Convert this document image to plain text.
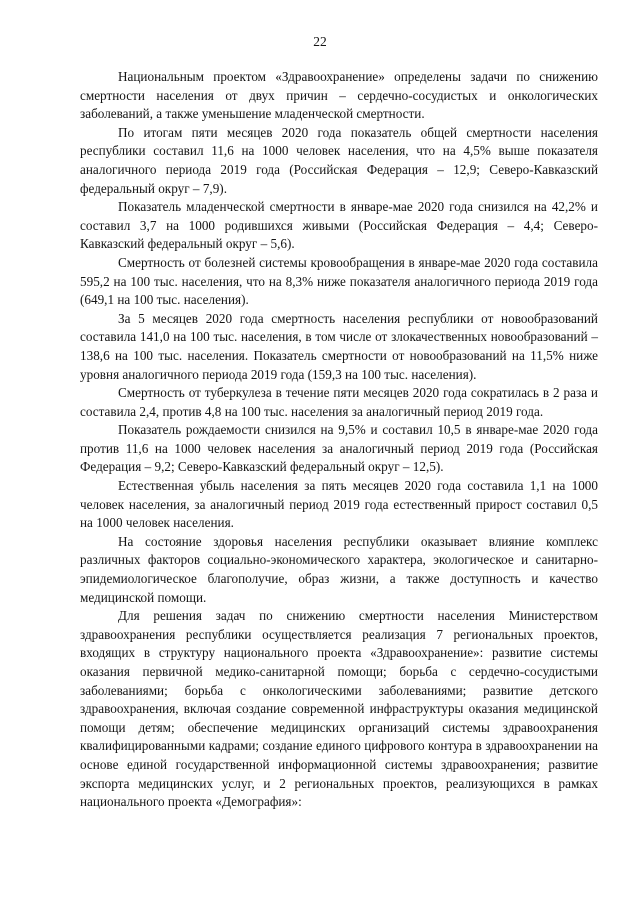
22

Национальным проектом «Здравоохранение» определены задачи по снижению смертности населения от двух причин – сердечно-сосудистых и онкологических заболеваний, а также уменьшение младенческой смертности.

По итогам пяти месяцев 2020 года показатель общей смертности населения республики составил 11,6 на 1000 человек населения, что на 4,5% выше показателя аналогичного периода 2019 года (Российская Федерация – 12,9; Северо-Кавказский федеральный округ – 7,9).

Показатель младенческой смертности в январе-мае 2020 года снизился на 42,2% и составил 3,7 на 1000 родившихся живыми (Российская Федерация – 4,4; Северо-Кавказский федеральный округ – 5,6).

Смертность от болезней системы кровообращения в январе-мае 2020 года составила 595,2 на 100 тыс. населения, что на 8,3% ниже показателя аналогичного периода 2019 года (649,1 на 100 тыс. населения).

За 5 месяцев 2020 года смертность населения республики от новообразований составила 141,0 на 100 тыс. населения, в том числе от злокачественных новообразований – 138,6 на 100 тыс. населения. Показатель смертности от новообразований на 11,5% ниже уровня аналогичного периода 2019 года (159,3 на 100 тыс. населения).

Смертность от туберкулеза в течение пяти месяцев 2020 года сократилась в 2 раза и составила 2,4, против 4,8 на 100 тыс. населения за аналогичный период 2019 года.

Показатель рождаемости снизился на 9,5% и составил 10,5 в январе-мае 2020 года против 11,6 на 1000 человек населения за аналогичный период 2019 года (Российская Федерация – 9,2; Северо-Кавказский федеральный округ – 12,5).

Естественная убыль населения за пять месяцев 2020 года составила 1,1 на 1000 человек населения, за аналогичный период 2019 года естественный прирост составил 0,5 на 1000 человек населения.

На состояние здоровья населения республики оказывает влияние комплекс различных факторов социально-экономического характера, экологическое и санитарно-эпидемиологическое благополучие, образ жизни, а также доступность и качество медицинской помощи.

Для решения задач по снижению смертности населения Министерством здравоохранения республики осуществляется реализация 7 региональных проектов, входящих в структуру национального проекта «Здравоохранение»: развитие системы оказания первичной медико-санитарной помощи; борьба с сердечно-сосудистыми заболеваниями; борьба с онкологическими заболеваниями; развитие детского здравоохранения, включая создание современной инфраструктуры оказания медицинской помощи детям; обеспечение медицинских организаций системы здравоохранения квалифицированными кадрами; создание единого цифрового контура в здравоохранении на основе единой государственной информационной системы здравоохранения; развитие экспорта медицинских услуг, и 2 региональных проектов, реализующихся в рамках национального проекта «Демография»:
